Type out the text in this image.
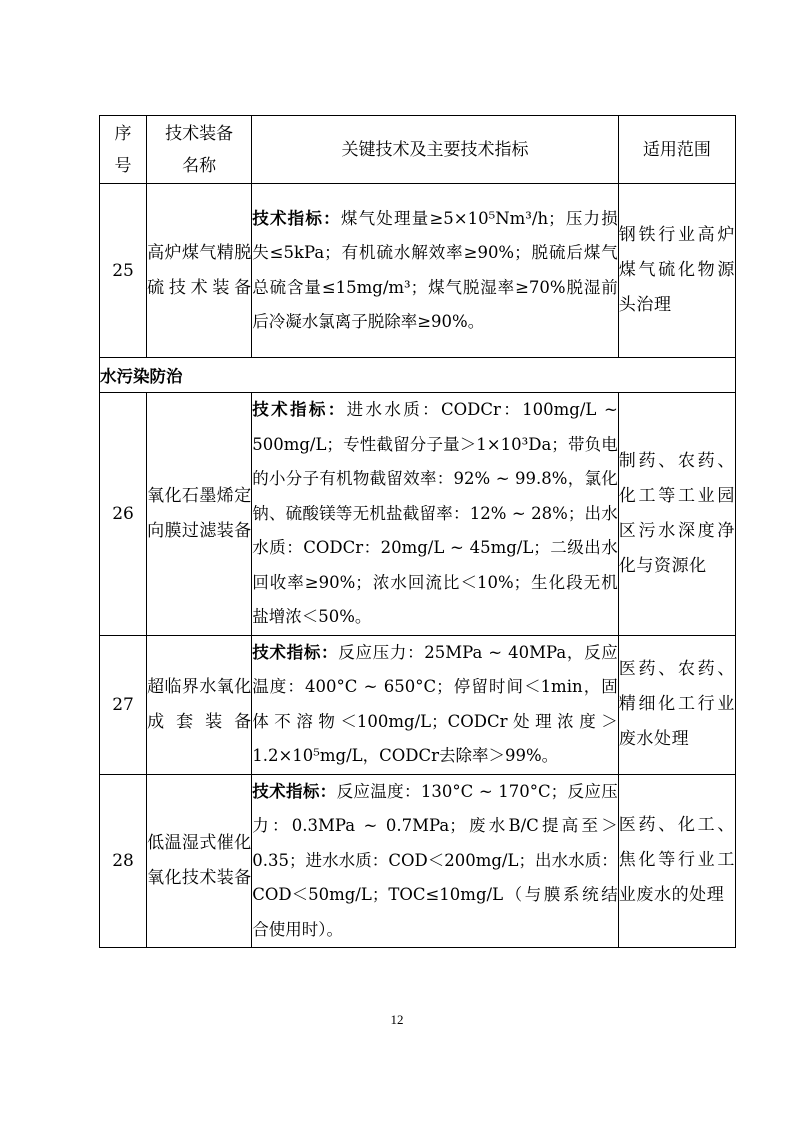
序号	技术装备名称	关键技术及主要技术指标	适用范围
25	高炉煤气精脱硫技术装备	技术指标：煤气处理量≥5×10⁵Nm³/h；压力损失≤5kPa；有机硫水解效率≥90%；脱硫后煤气总硫含量≤15mg/m³；煤气脱湿率≥70%脱湿前后冷凝水氯离子脱除率≥90%。	钢铁行业高炉煤气硫化物源头治理
水污染防治			
26	氧化石墨烯定向膜过滤装备	技术指标：进水水质：CODCr：100mg/L ~ 500mg/L；专性截留分子量＞1×10³Da；带负电的小分子有机物截留效率：92% ~ 99.8%，氯化钠、硫酸镁等无机盐截留率：12% ~ 28%；出水水质：CODCr：20mg/L ~ 45mg/L；二级出水回收率≥90%；浓水回流比＜10%；生化段无机盐增浓＜50%。	制药、农药、化工等工业园区污水深度净化与资源化
27	超临界水氧化成套装备	技术指标：反应压力：25MPa ~ 40MPa，反应温度：400°C ~ 650°C；停留时间＜1min，固体不溶物＜100mg/L；CODCr处理浓度＞1.2×10⁵mg/L，CODCr去除率＞99%。	医药、农药、精细化工行业废水处理
28	低温湿式催化氧化技术装备	技术指标：反应温度：130°C ~ 170°C；反应压力：0.3MPa ~ 0.7MPa；废水B/C提高至＞0.35；进水水质：COD＜200mg/L；出水水质：COD＜50mg/L；TOC≤10mg/L（与膜系统结合使用时）。	医药、化工、焦化等行业工业废水的处理
12
